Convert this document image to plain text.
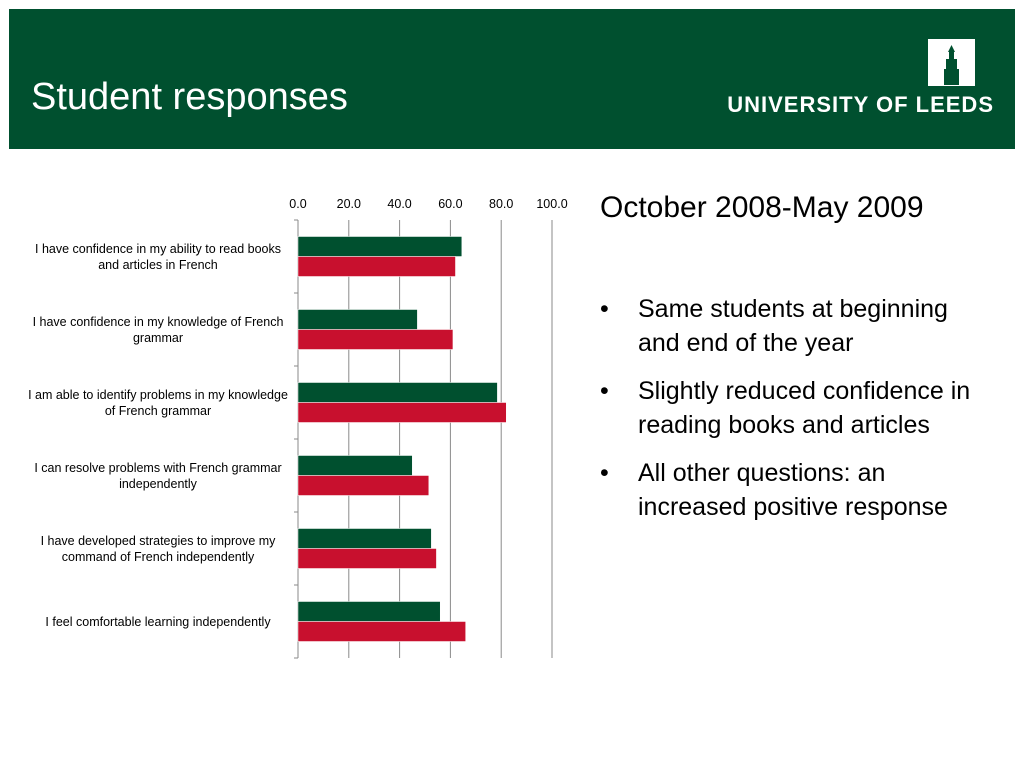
Student responses	UNIVERSITY OF LEEDS
0.0 20.0 40.0 60.0 80.0 100.0
I have confidence in my ability to read books and articles in French
I have confidence in my knowledge of French grammar
I am able to identify problems in my knowledge of French grammar
I can resolve problems with French grammar independently
I have developed strategies to improve my command of French independently
I feel comfortable learning independently
October 2008-May 2009
• Same students at beginning and end of the year
• Slightly reduced confidence in reading books and articles
• All other questions: an increased positive response
